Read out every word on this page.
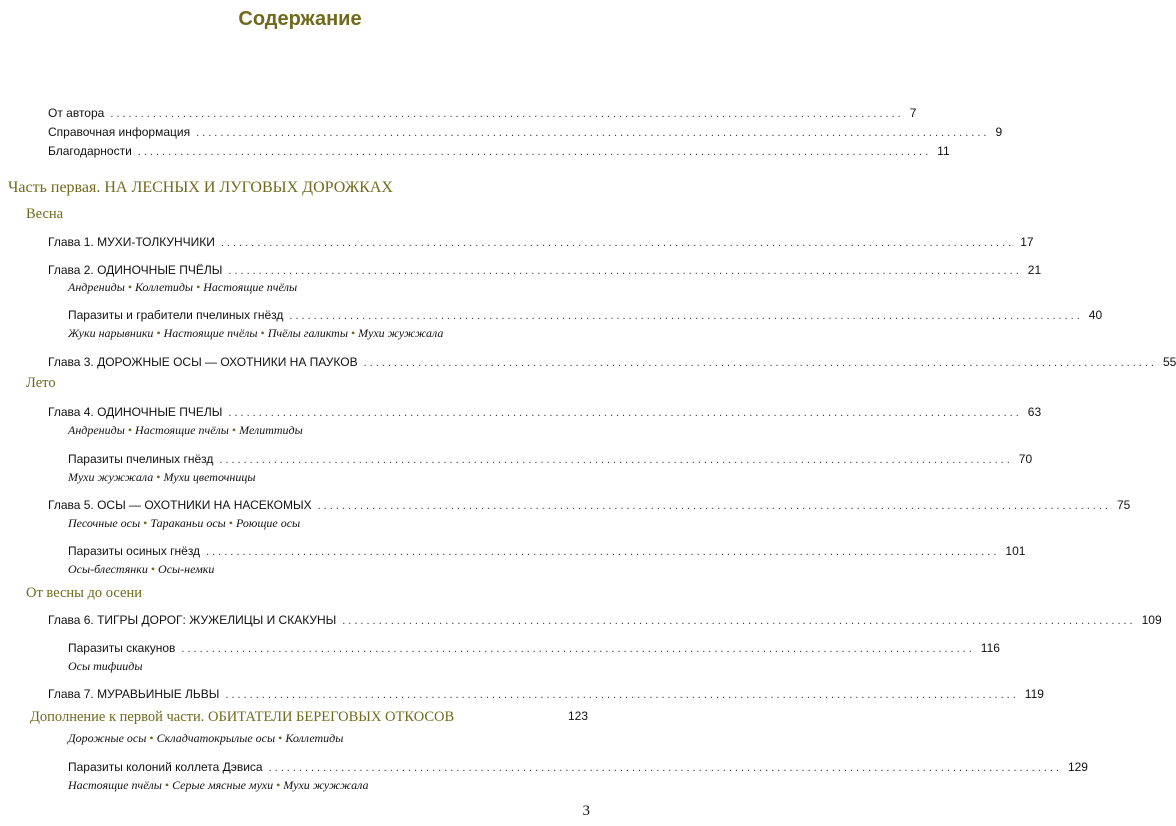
Содержание
От автора ................................................................................................................................... 7
Справочная информация ................................................................................................................................... 9
Благодарности ................................................................................................................................... 11
Часть первая. НА ЛЕСНЫХ И ЛУГОВЫХ ДОРОЖКАХ
Весна
Глава 1. МУХИ-ТОЛКУНЧИКИ ................................................................................................................................... 17
Глава 2. ОДИНОЧНЫЕ ПЧЁЛЫ ................................................................................................................................... 21
Андрениды • Коллетиды • Настоящие пчёлы
Паразиты и грабители пчелиных гнёзд ................................................................................................................................... 40
Жуки нарывники • Настоящие пчёлы • Пчёлы галикты • Мухи жужжала
Глава 3. ДОРОЖНЫЕ ОСЫ — ОХОТНИКИ НА ПАУКОВ ................................................................................................................................... 55
Лето
Глава 4. ОДИНОЧНЫЕ ПЧЕЛЫ ................................................................................................................................... 63
Андрениды • Настоящие пчёлы • Мелиттиды
Паразиты пчелиных гнёзд ................................................................................................................................... 70
Мухи жужжала • Мухи цветочницы
Глава 5. ОСЫ — ОХОТНИКИ НА НАСЕКОМЫХ ................................................................................................................................... 75
Песочные осы • Тараканьи осы • Роющие осы
Паразиты осиных гнёзд ................................................................................................................................... 101
Осы-блестянки • Осы-немки
От весны до осени
Глава 6. ТИГРЫ ДОРОГ: ЖУЖЕЛИЦЫ И СКАКУНЫ ................................................................................................................................... 109
Паразиты скакунов ................................................................................................................................... 116
Осы тифииды
Глава 7. МУРАВЬИНЫЕ ЛЬВЫ ................................................................................................................................... 119
Дополнение к первой части. ОБИТАТЕЛИ БЕРЕГОВЫХ ОТКОСОВ	123
Дорожные осы • Складчатокрылые осы • Коллетиды
Паразиты колоний коллета Дэвиса ................................................................................................................................... 129
Настоящие пчёлы • Серые мясные мухи • Мухи жужжала
3
